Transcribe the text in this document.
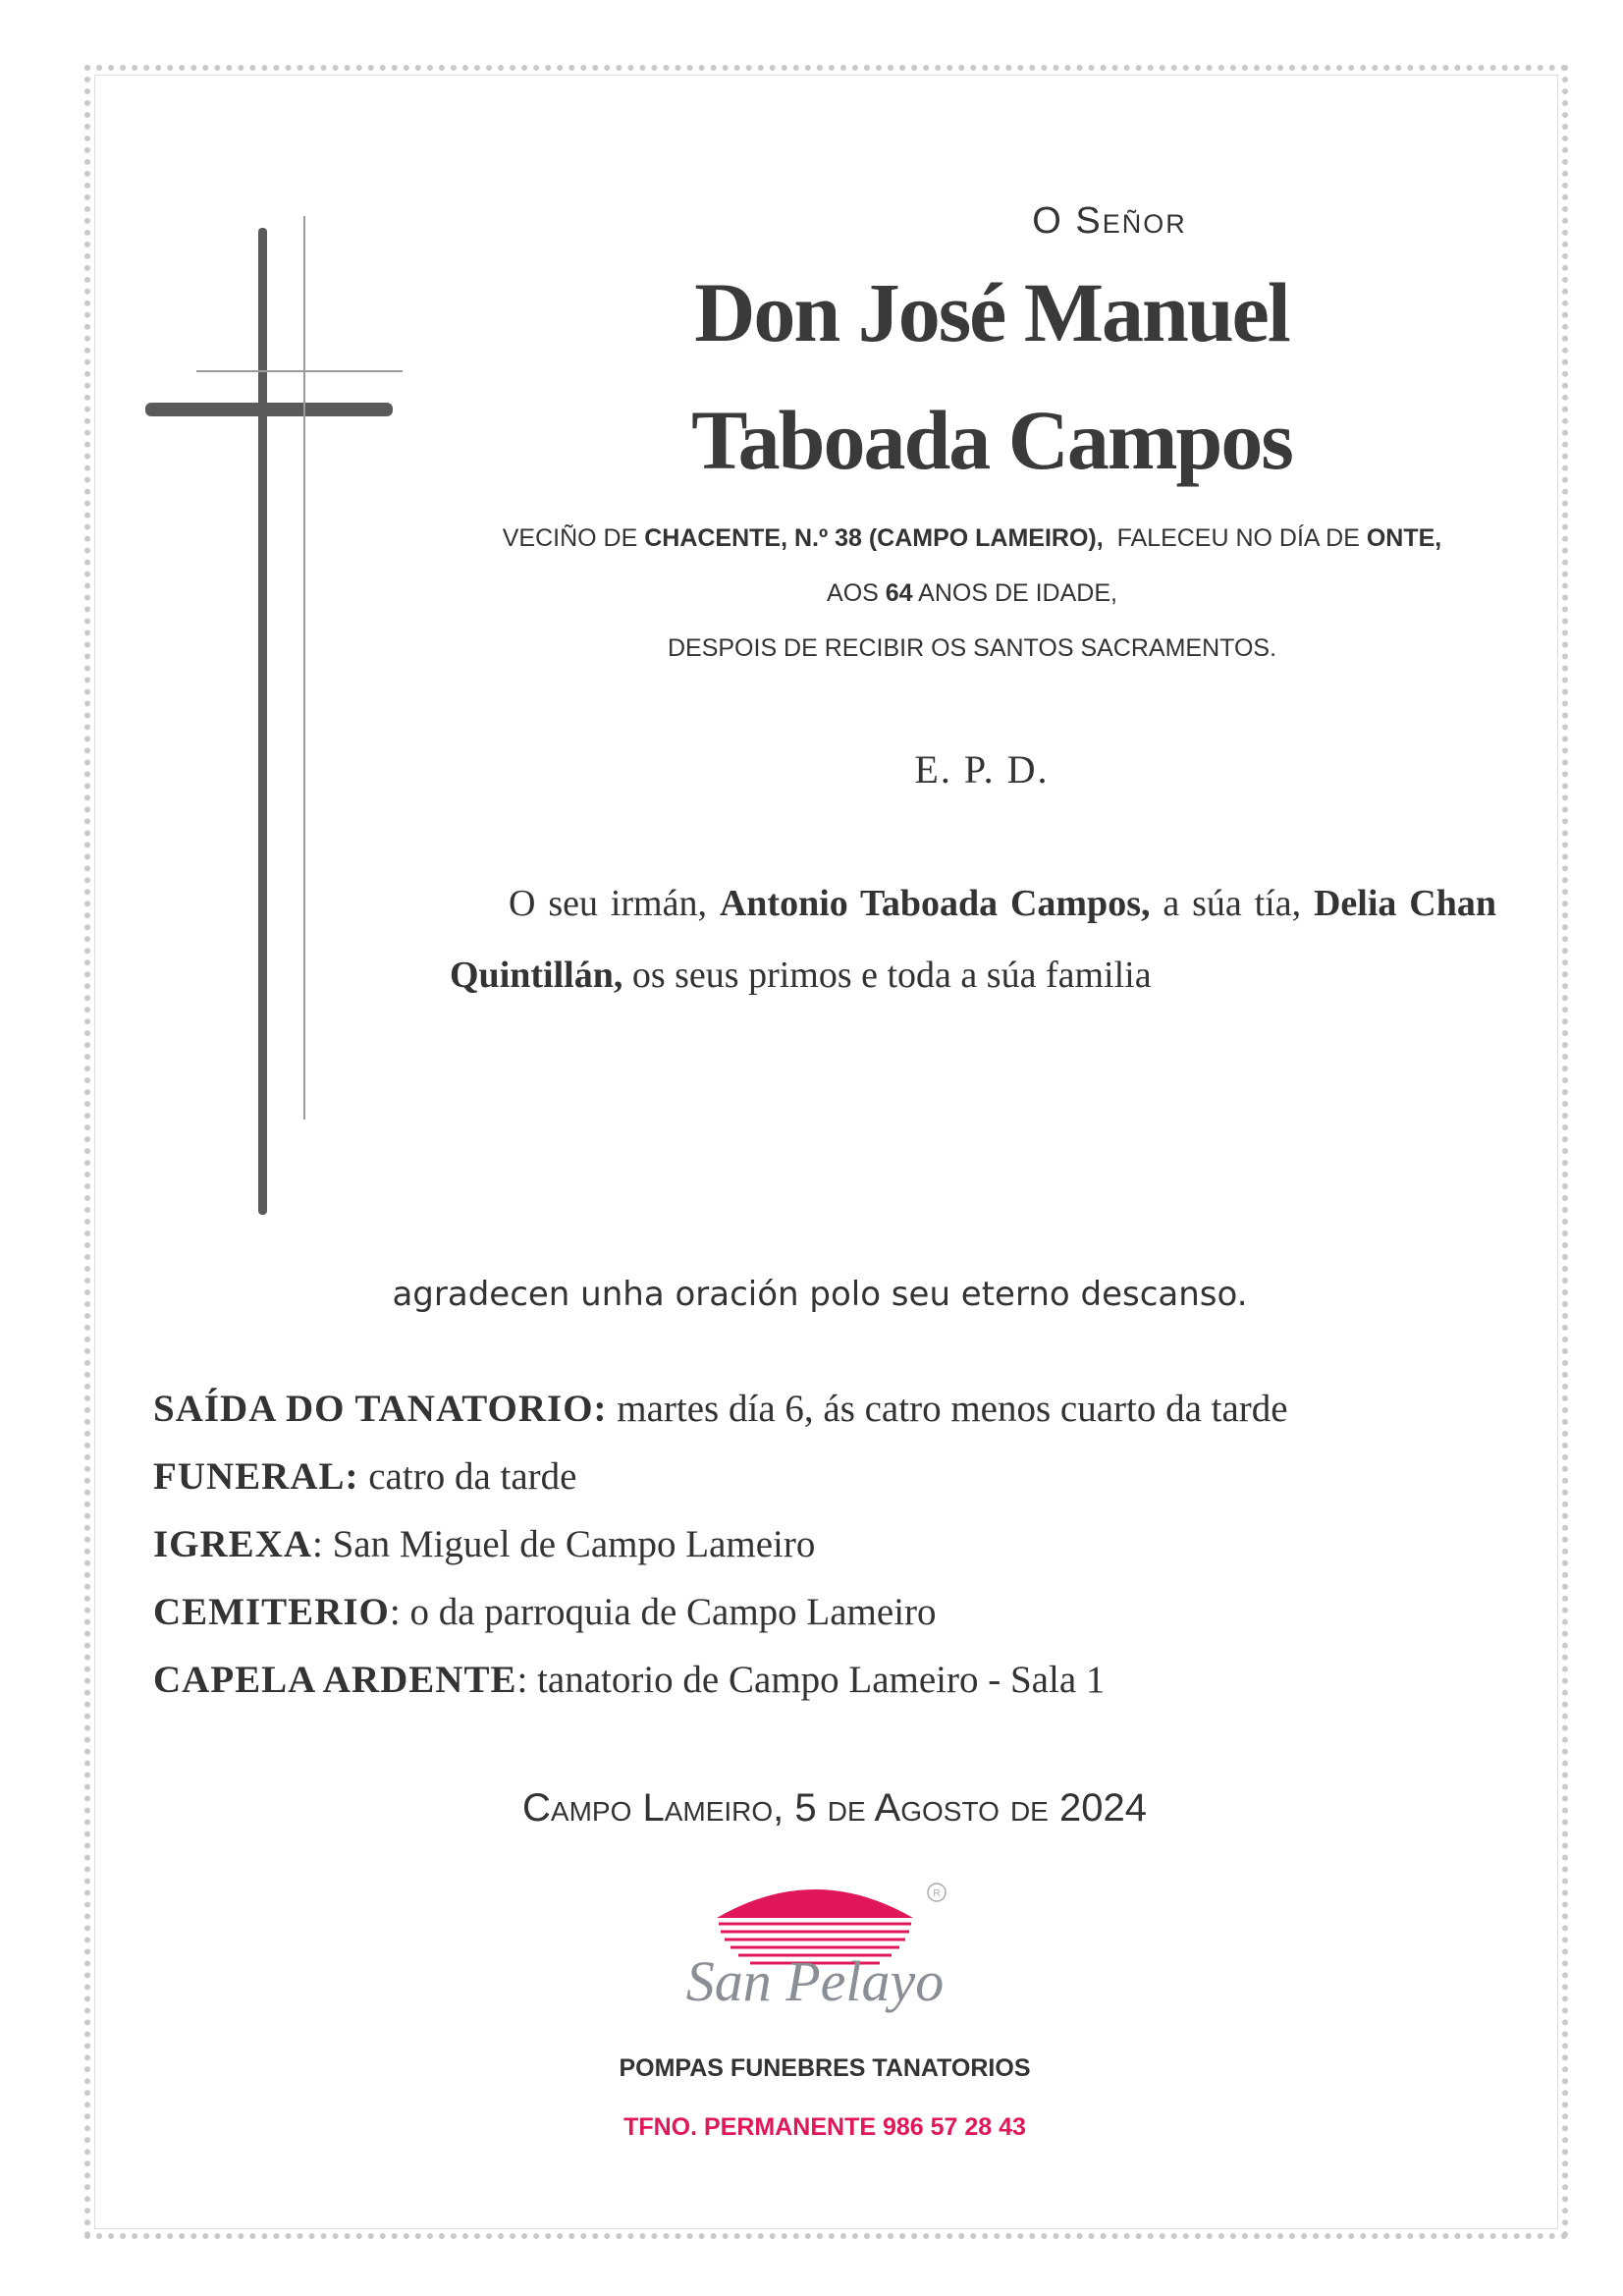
O Señor
Don José Manuel
Taboada Campos
VECIÑO DE CHACENTE, N.º 38 (CAMPO LAMEIRO),  FALECEU NO DÍA DE ONTE,
AOS 64 ANOS DE IDADE,
DESPOIS DE RECIBIR OS SANTOS SACRAMENTOS.
E. P. D.

O seu irmán, Antonio Taboada Campos, a súa tía, Delia Chan Quintillán, os seus primos e toda a súa familia

agradecen unha oración polo seu eterno descanso.
SAÍDA DO TANATORIO: martes día 6, ás catro menos cuarto da tarde
FUNERAL: catro da tarde
IGREXA: San Miguel de Campo Lameiro
CEMITERIO: o da parroquia de Campo Lameiro
CAPELA ARDENTE: tanatorio de Campo Lameiro - Sala 1
Campo Lameiro, 5 de Agosto de 2024
R
San Pelayo
POMPAS FUNEBRES TANATORIOS
TFNO. PERMANENTE 986 57 28 43
